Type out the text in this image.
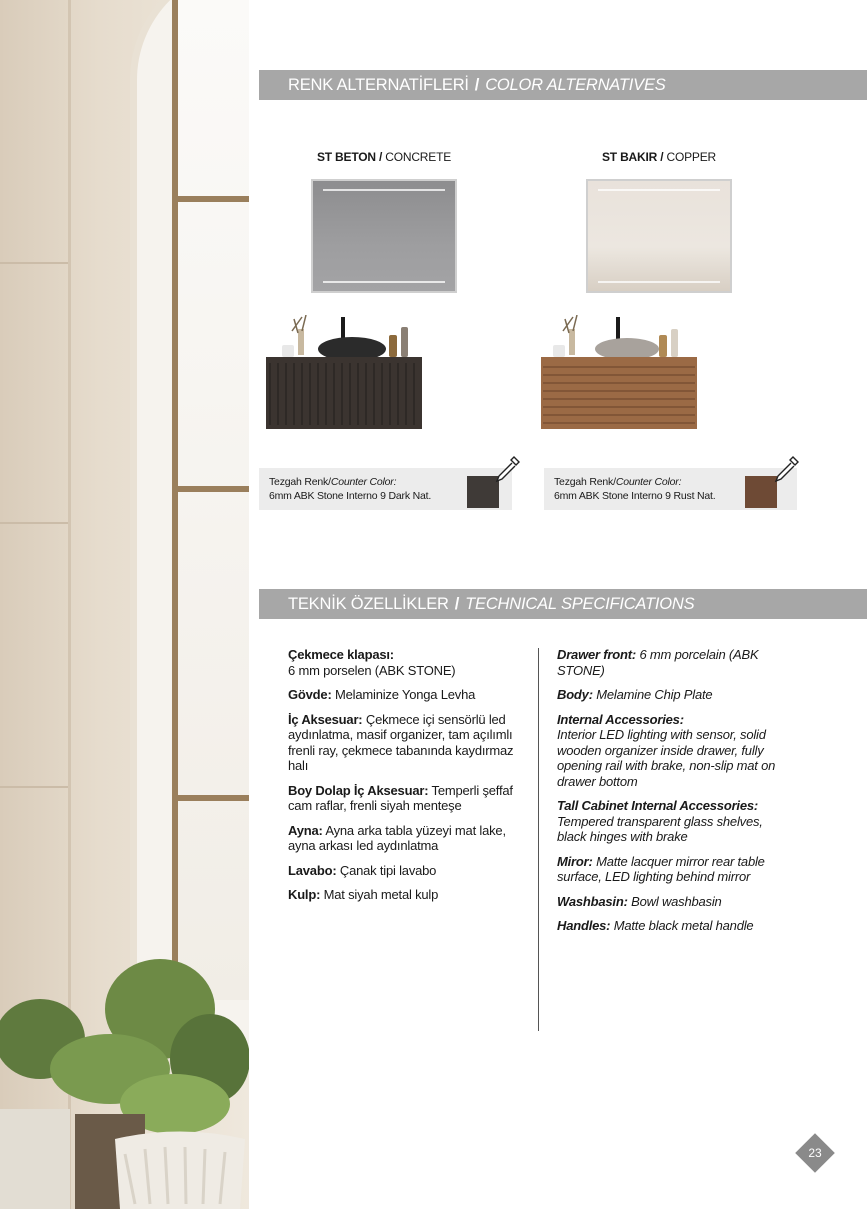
RENK ALTERNATİFLERİ / COLOR ALTERNATIVES
ST BETON / CONCRETE	ST BAKIR / COPPER
Tezgah Renk/Counter Color:
6mm ABK Stone Interno 9 Dark Nat.
Tezgah Renk/Counter Color:
6mm ABK Stone Interno 9 Rust Nat.
TEKNİK ÖZELLİKLER / TECHNICAL SPECIFICATIONS
Çekmece klapası:
6 mm porselen (ABK STONE)
Gövde: Melaminize Yonga Levha
İç Aksesuar: Çekmece içi sensörlü led aydınlatma, masif organizer, tam açılımlı frenli ray, çekmece tabanında kaydırmaz halı
Boy Dolap İç Aksesuar: Temperli şeffaf cam raflar, frenli siyah menteşe
Ayna: Ayna arka tabla yüzeyi mat lake, ayna arkası led aydınlatma
Lavabo: Çanak tipi lavabo
Kulp: Mat siyah metal kulp
Drawer front: 6 mm porcelain (ABK STONE)
Body: Melamine Chip Plate
Internal Accessories:
Interior LED lighting with sensor, solid wooden organizer inside drawer, fully opening rail with brake, non-slip mat on drawer bottom
Tall Cabinet Internal Accessories:
Tempered transparent glass shelves, black hinges with brake
Miror: Matte lacquer mirror rear table surface, LED lighting behind mirror
Washbasin: Bowl washbasin
Handles: Matte black metal handle
23
